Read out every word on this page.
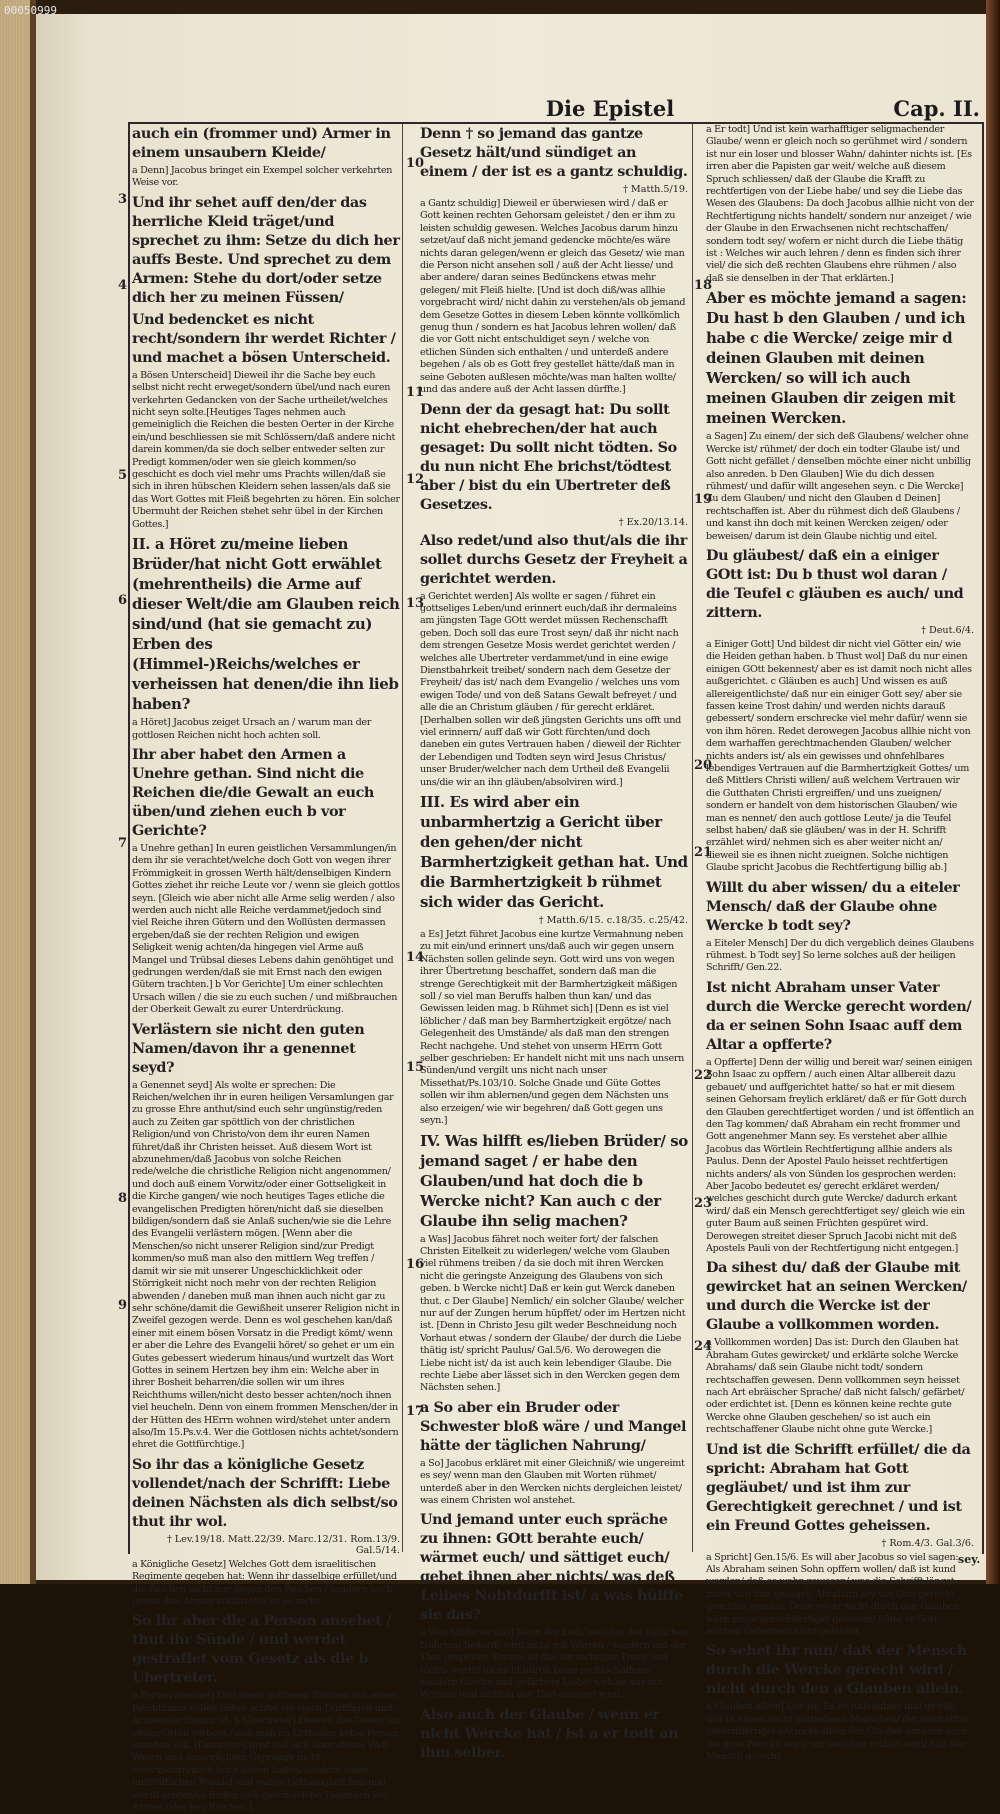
00050999
Die Epistel	Cap. II.
auch ein (frommer und) Armer in einem unsaubern Kleide/
a Denn] Jacobus bringet ein Exempel solcher verkehrten Weise vor.
Und ihr sehet auff den/der das herrliche Kleid träget/und sprechet zu ihm: Setze du dich her auffs Beste. Und sprechet zu dem Armen: Stehe du dort/oder setze dich her zu meinen Füssen/
Und bedencket es nicht recht/sondern ihr werdet Richter / und machet a bösen Unterscheid.
a Bösen Unterscheid] Dieweil ihr die Sache bey euch selbst nicht recht erweget/sondern übel/und nach euren verkehrten Gedancken von der Sache urtheilet/welches nicht seyn solte.[Heutiges Tages nehmen auch gemeiniglich die Reichen die besten Oerter in der Kirche ein/und beschliessen sie mit Schlössern/daß andere nicht darein kommen/da sie doch selber entweder selten zur Predigt kommen/oder wen sie gleich kommen/so geschicht es doch viel mehr ums Prachts willen/daß sie sich in ihren hübschen Kleidern sehen lassen/als daß sie das Wort Gottes mit Fleiß begehrten zu hören. Ein solcher Ubermuht der Reichen stehet sehr übel in der Kirchen Gottes.]
II. a Höret zu/meine lieben Brüder/hat nicht Gott erwählet (mehrentheils) die Arme auf dieser Welt/die am Glauben reich sind/und (hat sie gemacht zu) Erben des (Himmel-)Reichs/welches er verheissen hat denen/die ihn lieb haben?
a Höret] Jacobus zeiget Ursach an / warum man der gottlosen Reichen nicht hoch achten soll.
Ihr aber habet den Armen a Unehre gethan. Sind nicht die Reichen die/die Gewalt an euch üben/und ziehen euch b vor Gerichte?
a Unehre gethan] In euren geistlichen Versammlungen/in dem ihr sie verachtet/welche doch Gott von wegen ihrer Frömmigkeit in grossen Werth hält/denselbigen Kindern Gottes ziehet ihr reiche Leute vor / wenn sie gleich gottlos seyn. [Gleich wie aber nicht alle Arme selig werden / also werden auch nicht alle Reiche verdammet/jedoch sind viel Reiche ihren Gütern und den Wollüsten dermassen ergeben/daß sie der rechten Religion und ewigen Seligkeit wenig achten/da hingegen viel Arme auß Mangel und Trübsal dieses Lebens dahin genöhtiget und gedrungen werden/daß sie mit Ernst nach den ewigen Gütern trachten.] b Vor Gerichte] Um einer schlechten Ursach willen / die sie zu euch suchen / und mißbrauchen der Oberkeit Gewalt zu eurer Unterdrückung.
Verlästern sie nicht den guten Namen/davon ihr a genennet seyd?
a Genennet seyd] Als wolte er sprechen: Die Reichen/welchen ihr in euren heiligen Versamlungen gar zu grosse Ehre anthut/sind euch sehr ungünstig/reden auch zu Zeiten gar spöttlich von der christlichen Religion/und von Christo/von dem ihr euren Namen führet/daß ihr Christen heisset. Auß diesem Wort ist abzunehmen/daß Jacobus von solche Reichen rede/welche die christliche Religion nicht angenommen/ und doch auß einem Vorwitz/oder einer Gottseligkeit in die Kirche gangen/ wie noch heutiges Tages etliche die evangelischen Predigten hören/nicht daß sie dieselben bildigen/sondern daß sie Anlaß suchen/wie sie die Lehre des Evangelii verlästern mögen. [Wenn aber die Menschen/so nicht unserer Religion sind/zur Predigt kommen/so muß man also den mittlern Weg treffen / damit wir sie mit unserer Ungeschicklichkeit oder Störrigkeit nicht noch mehr von der rechten Religion abwenden / daneben muß man ihnen auch nicht gar zu sehr schöne/damit die Gewißheit unserer Religion nicht in Zweifel gezogen werde. Denn es wol geschehen kan/daß einer mit einem bösen Vorsatz in die Predigt kömt/ wenn er aber die Lehre des Evangelii höret/ so gehet er um ein Gutes gebessert wiederum hinaus/und wurtzelt das Wort Gottes in seinem Hertzen bey ihm ein: Welche aber in ihrer Bosheit beharren/die sollen wir um ihres Reichthums willen/nicht desto besser achten/noch ihnen viel heucheln. Denn von einem frommen Menschen/der in der Hütten des HErrn wohnen wird/stehet unter andern also/Im 15.Ps.v.4. Wer die Gottlosen nichts achtet/sondern ehret die Gottfürchtige.]
So ihr das a königliche Gesetz vollendet/nach der Schrifft: Liebe deinen Nächsten als dich selbst/so thut ihr wol.
† Lev.19/18. Matt.22/39. Marc.12/31. Rom.13/9. Gal.5/14.
a Königliche Gesetz] Welches Gott dem israelitischen Regimente gegeben hat: Wenn ihr dasselbige erfüllet/und die Reichen nicht nur gegen den Reichen / sondern auch gegen den Armen erkläret/so ist es recht.
So ihr aber die a Person ansehet / thut ihr Sünde / und werdet gestraffet vom Gesetz als die b Ubertreter.
a Person ansehet] Und einen gottlosen Reichen um seines Reichthums willen höher achtet als einen Dürfftigen und Armen/der fromm ist. b Ubertreter] Dieweil das Gesetz an vielen Orten verbeut / daß man im Urtheilen keine Person ansehen soll. [Denn ein Christ soll sich über dieses Welt Wesen und äusserlichem Gepränge nicht verwundern/noch hoch davon halten/sondern einen unsträfflichen Wandel und wahre Gottseligkeit lieb und werth achten/es finden sich gleich solche Tugenden bey Armen oder bey Reichen.]
Denn † so jemand das gantze Gesetz hält/und sündiget an einem / der ist es a gantz schuldig.
† Matth.5/19.
a Gantz schuldig] Dieweil er überwiesen wird / daß er Gott keinen rechten Gehorsam geleistet / den er ihm zu leisten schuldig gewesen. Welches Jacobus darum hinzu setzet/auf daß nicht jemand gedencke möchte/es wäre nichts daran gelegen/wenn er gleich das Gesetz/ wie man die Person nicht ansehen soll / auß der Acht liesse/ und aber andere/ daran seines Bedünckens etwas mehr gelegen/ mit Fleiß hielte. [Und ist doch diß/was allhie vorgebracht wird/ nicht dahin zu verstehen/als ob jemand dem Gesetze Gottes in diesem Leben könnte vollkömlich genug thun / sondern es hat Jacobus lehren wollen/ daß die vor Gott nicht entschuldiget seyn / welche von etlichen Sünden sich enthalten / und unterdeß andere begehen / als ob es Gott frey gestellet hätte/daß man in seine Geboten außlesen möchte/was man halten wollte/ und das andere auß der Acht lassen dürffte.]
Denn der da gesagt hat: Du sollt nicht ehebrechen/der hat auch gesaget: Du sollt nicht tödten. So du nun nicht Ehe brichst/tödtest aber / bist du ein Ubertreter deß Gesetzes.
† Ex.20/13.14.
Also redet/und also thut/als die ihr sollet durchs Gesetz der Freyheit a gerichtet werden.
a Gerichtet werden] Als wollte er sagen / führet ein gottseliges Leben/und erinnert euch/daß ihr dermaleins am jüngsten Tage GOtt werdet müssen Rechenschafft geben. Doch soll das eure Trost seyn/ daß ihr nicht nach dem strengen Gesetze Mosis werdet gerichtet werden / welches alle Ubertreter verdammet/und in eine ewige Dienstbahrkeit treibet/ sondern nach dem Gesetze der Freyheit/ das ist/ nach dem Evangelio / welches uns vom ewigen Tode/ und von deß Satans Gewalt befreyet / und alle die an Christum gläuben / für gerecht erkläret. [Derhalben sollen wir deß jüngsten Gerichts uns offt und viel erinnern/ auff daß wir Gott fürchten/und doch daneben ein gutes Vertrauen haben / dieweil der Richter der Lebendigen und Todten seyn wird Jesus Christus/ unser Bruder/welcher nach dem Urtheil deß Evangelii uns/die wir an ihn gläuben/absolviren wird.]
III. Es wird aber ein unbarmhertzig a Gericht über den gehen/der nicht Barmhertzigkeit gethan hat. Und die Barmhertzigkeit b rühmet sich wider das Gericht.
† Matth.6/15. c.18/35. c.25/42.
a Es] Jetzt führet Jacobus eine kurtze Vermahnung neben zu mit ein/und erinnert uns/daß auch wir gegen unsern Nächsten sollen gelinde seyn. Gott wird uns von wegen ihrer Übertretung beschaffet, sondern daß man die strenge Gerechtigkeit mit der Barmhertzigkeit mäßigen soll / so viel man Beruffs halben thun kan/ und das Gewissen leiden mag. b Rühmet sich] [Denn es ist viel löblicher / daß man bey Barmhertzigkeit ergötze/ nach Gelegenheit des Umstände/ als daß man den strengen Recht nachgehe. Und stehet von unserm HErrn Gott selber geschrieben: Er handelt nicht mit uns nach unsern Sünden/und vergilt uns nicht nach unser Missethat/Ps.103/10. Solche Gnade und Güte Gottes sollen wir ihm ablernen/und gegen dem Nächsten uns also erzeigen/ wie wir begehren/ daß Gott gegen uns seyn.]
IV. Was hilfft es/lieben Brüder/ so jemand saget / er habe den Glauben/und hat doch die b Wercke nicht? Kan auch c der Glaube ihn selig machen?
a Was] Jacobus fähret noch weiter fort/ der falschen Christen Eitelkeit zu widerlegen/ welche vom Glauben viel rühmens treiben / da sie doch mit ihren Wercken nicht die geringste Anzeigung des Glaubens von sich geben. b Wercke nicht] Daß er kein gut Werck daneben thut. c Der Glaube] Nemlich/ ein solcher Glaube/ welcher nur auf der Zungen herum hüpffet/ oder im Hertzen nicht ist. [Denn in Christo Jesu gilt weder Beschneidung noch Vorhaut etwas / sondern der Glaube/ der durch die Liebe thätig ist/ spricht Paulus/ Gal.5/6. Wo derowegen die Liebe nicht ist/ da ist auch kein lebendiger Glaube. Die rechte Liebe aber lässet sich in den Wercken gegen dem Nächsten sehen.]
a So aber ein Bruder oder Schwester bloß wäre / und Mangel hätte der täglichen Nahrung/
a So] Jacobus erkläret mit einer Gleichniß/ wie ungereimt es sey/ wenn man den Glauben mit Worten rühmet/ unterdeß aber in den Wercken nichts dergleichen leistet/ was einem Christen wol anstehet.
Und jemand unter euch spräche zu ihnen: GOtt berahte euch/ wärmet euch/ und sättiget euch/ gebet ihnen aber nichts/ was deß Leibes Nohtdurfft ist/ a was hülffe sie das?
a Was hülffe sie das] Denn der Leib/ welcher der täglichen Nahrung bedarff/ wird nicht mit Worten / sondern mit der That gespeiset. Darum ist das ein nichtiger Trost/ und nichts werth/ da nicht durch keine rechtschaffene/ sondern falsche und gefärbete Liebe/ welche nur mit Worten/ und nicht in der That erzeiget wird.
Also auch der Glaube / wenn er nicht Wercke hat / ist a er todt an ihm selber.
a Er todt] Und ist kein warhafftiger seligmachender Glaube/ wenn er gleich noch so gerühmet wird / sondern ist nur ein loser und blosser Wahn/ dahinter nichts ist. [Es irren aber die Papisten gar weit/ welche auß diesem Spruch schliessen/ daß der Glaube die Krafft zu rechtfertigen von der Liebe habe/ und sey die Liebe das Wesen des Glaubens: Da doch Jacobus allhie nicht von der Rechtfertigung nichts handelt/ sondern nur anzeiget / wie der Glaube in den Erwachsenen nicht rechtschaffen/ sondern todt sey/ wofern er nicht durch die Liebe thätig ist : Welches wir auch lehren / denn es finden sich ihrer viel/ die sich deß rechten Glaubens ehre rühmen / also daß sie denselben in der That erklärten.]
Aber es möchte jemand a sagen: Du hast b den Glauben / und ich habe c die Wercke/ zeige mir d deinen Glauben mit deinen Wercken/ so will ich auch meinen Glauben dir zeigen mit meinen Wercken.
a Sagen] Zu einem/ der sich deß Glaubens/ welcher ohne Wercke ist/ rühmet/ der doch ein todter Glaube ist/ und Gott nicht gefället / denselben möchte einer nicht unbillig also anreden. b Den Glauben] Wie du dich dessen rühmest/ und dafür willt angesehen seyn. c Die Wercke] Zu dem Glauben/ und nicht den Glauben d Deinen] rechtschaffen ist. Aber du rühmest dich deß Glaubens / und kanst ihn doch mit keinen Wercken zeigen/ oder beweisen/ darum ist dein Glaube nichtig und eitel.
Du gläubest/ daß ein a einiger GOtt ist: Du b thust wol daran / die Teufel c gläuben es auch/ und zittern.
† Deut.6/4.
a Einiger Gott] Und bildest dir nicht viel Götter ein/ wie die Heiden gethan haben. b Thust wol] Daß du nur einen einigen GOtt bekennest/ aber es ist damit noch nicht alles außgerichtet. c Gläuben es auch] Und wissen es auß allereigentlichste/ daß nur ein einiger Gott sey/ aber sie fassen keine Trost dahin/ und werden nichts darauß gebessert/ sondern erschrecke viel mehr dafür/ wenn sie von ihm hören. Redet derowegen Jacobus allhie nicht von dem warhaffen gerechtmachenden Glauben/ welcher nichts anders ist/ als ein gewisses und ohnfehlbares lebendiges Vertrauen auf die Barmhertzigkeit Gottes/ um deß Mittlers Christi willen/ auß welchem Vertrauen wir die Gutthaten Christi ergreiffen/ und uns zueignen/ sondern er handelt von dem historischen Glauben/ wie man es nennet/ den auch gottlose Leute/ ja die Teufel selbst haben/ daß sie gläuben/ was in der H. Schrifft erzählet wird/ nehmen sich es aber weiter nicht an/ dieweil sie es ihnen nicht zueignen. Solche nichtigen Glaube spricht Jacobus die Rechtfertigung billig ab.]
Willt du aber wissen/ du a eiteler Mensch/ daß der Glaube ohne Wercke b todt sey?
a Eiteler Mensch] Der du dich vergeblich deines Glaubens rühmest. b Todt sey] So lerne solches auß der heiligen Schrifft/ Gen.22.
Ist nicht Abraham unser Vater durch die Wercke gerecht worden/ da er seinen Sohn Isaac auff dem Altar a opfferte?
a Opfferte] Denn der willig und bereit war/ seinen einigen Sohn Isaac zu opffern / auch einen Altar allbereit dazu gebauet/ und auffgerichtet hatte/ so hat er mit diesem seinen Gehorsam freylich erkläret/ daß er für Gott durch den Glauben gerechtfertiget worden / und ist öffentlich an den Tag kommen/ daß Abraham ein recht frommer und Gott angenehmer Mann sey. Es verstehet aber allhie Jacobus das Wörtlein Rechtfertigung allhie anders als Paulus. Denn der Apostel Paulo heisset rechtfertigen nichts anders/ als von Sünden los gesprochen werden: Aber Jacobo bedeutet es/ gerecht erkläret werden/ welches geschicht durch gute Wercke/ dadurch erkant wird/ daß ein Mensch gerechtfertiget sey/ gleich wie ein guter Baum auß seinen Früchten gespüret wird. Derowegen streitet dieser Spruch Jacobi nicht mit deß Apostels Pauli von der Rechtfertigung nicht entgegen.]
Da sihest du/ daß der Glaube mit gewircket hat an seinen Wercken/ und durch die Wercke ist der Glaube a vollkommen worden.
a Vollkommen worden] Das ist: Durch den Glauben hat Abraham Gutes gewircket/ und erklärte solche Wercke Abrahams/ daß sein Glaube nicht todt/ sondern rechtschaffen gewesen. Denn vollkommen seyn heisset nach Art ebräischer Sprache/ daß nicht falsch/ gefärbet/ oder erdichtet ist. [Denn es können keine rechte gute Wercke ohne Glauben geschehen/ so ist auch ein rechtschaffener Glaube nicht ohne gute Wercke.]
Und ist die Schrifft erfüllet/ die da spricht: Abraham hat Gott gegläubet/ und ist ihm zur Gerechtigkeit gerechnet / und ist ein Freund Gottes geheissen.
† Rom.4/3. Gal.3/6.
a Spricht] Gen.15/6. Es will aber Jacobus so viel sagen: Als Abraham seinen Sohn opffern wollen/ daß ist kund worden/ daß es wahr gewesen/ was die Schrifft längst zuvor von ihm gesaget: Abraham sey vor Gott gerecht geachtet worden. Denn wo er nicht durch den Glauben wäre zuvor gerechtfertiget gewesen/ hätte er Gott solchen Gehorsam nicht geleistet.
So sehet ihr nun/ daß der Mensch durch die Wercke gerecht wird / nicht durch den a Glauben allein.
a Glauben allein] Das ist: Es ist unleugbar/ und gewiß/ daß in einem recht gottseligen Menschen/ der warhafftig gerechtfertiget ist/ nicht allein der Glaube/ sondern auch die gute Wercke seyn/ mit welchen erklärt wird/ daß der Mensch gerecht
3
4
5
6
7
8
9
10
11
12
13
14
15
16
17
18
19
20
21
22
23
24
sey.
